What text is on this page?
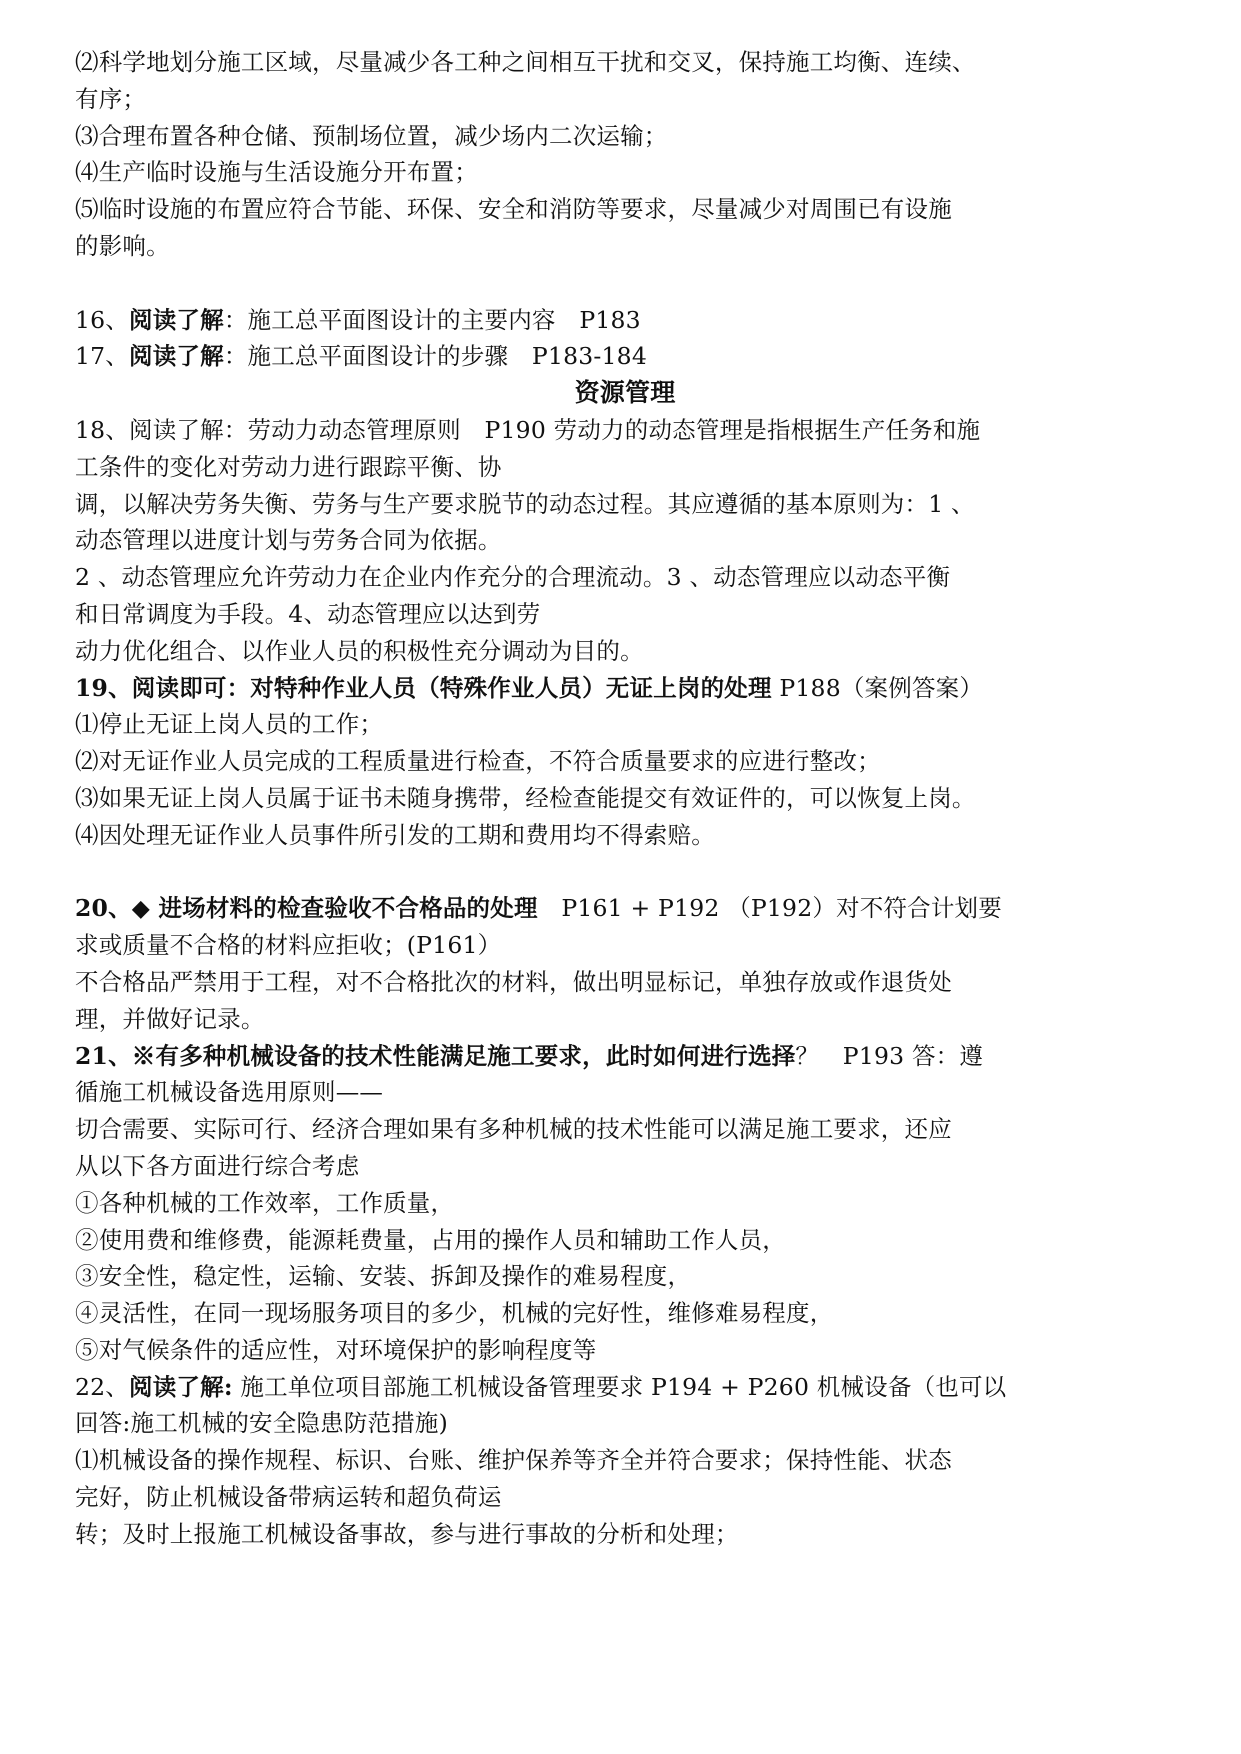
⑵科学地划分施工区域，尽量减少各工种之间相互干扰和交叉，保持施工均衡、连续、
有序；
⑶合理布置各种仓储、预制场位置，减少场内二次运输；
⑷生产临时设施与生活设施分开布置；
⑸临时设施的布置应符合节能、环保、安全和消防等要求，尽量减少对周围已有设施
的影响。
16、阅读了解：施工总平面图设计的主要内容　P183
17、阅读了解：施工总平面图设计的步骤　P183-184
资源管理
18、阅读了解：劳动力动态管理原则　P190 劳动力的动态管理是指根据生产任务和施
工条件的变化对劳动力进行跟踪平衡、协
调，以解决劳务失衡、劳务与生产要求脱节的动态过程。其应遵循的基本原则为：1 、
动态管理以进度计划与劳务合同为依据。
2 、动态管理应允许劳动力在企业内作充分的合理流动。3 、动态管理应以动态平衡
和日常调度为手段。4、动态管理应以达到劳
动力优化组合、以作业人员的积极性充分调动为目的。
19、阅读即可：对特种作业人员（特殊作业人员）无证上岗的处理 P188（案例答案）
⑴停止无证上岗人员的工作；
⑵对无证作业人员完成的工程质量进行检查，不符合质量要求的应进行整改；
⑶如果无证上岗人员属于证书未随身携带，经检查能提交有效证件的，可以恢复上岗。
⑷因处理无证作业人员事件所引发的工期和费用均不得索赔。
20、◆ 进场材料的检查验收不合格品的处理　P161 + P192 （P192）对不符合计划要
求或质量不合格的材料应拒收；(P161）
不合格品严禁用于工程，对不合格批次的材料，做出明显标记，单独存放或作退货处
理，并做好记录。
21、※有多种机械设备的技术性能满足施工要求，此时如何进行选择？　P193 答：遵
循施工机械设备选用原则——
切合需要、实际可行、经济合理如果有多种机械的技术性能可以满足施工要求，还应
从以下各方面进行综合考虑
①各种机械的工作效率，工作质量，
②使用费和维修费，能源耗费量，占用的操作人员和辅助工作人员，
③安全性，稳定性，运输、安装、拆卸及操作的难易程度，
④灵活性，在同一现场服务项目的多少，机械的完好性，维修难易程度，
⑤对气候条件的适应性，对环境保护的影响程度等
22、阅读了解: 施工单位项目部施工机械设备管理要求 P194 + P260 机械设备（也可以
回答:施工机械的安全隐患防范措施)
⑴机械设备的操作规程、标识、台账、维护保养等齐全并符合要求；保持性能、状态
完好，防止机械设备带病运转和超负荷运
转；及时上报施工机械设备事故，参与进行事故的分析和处理；
